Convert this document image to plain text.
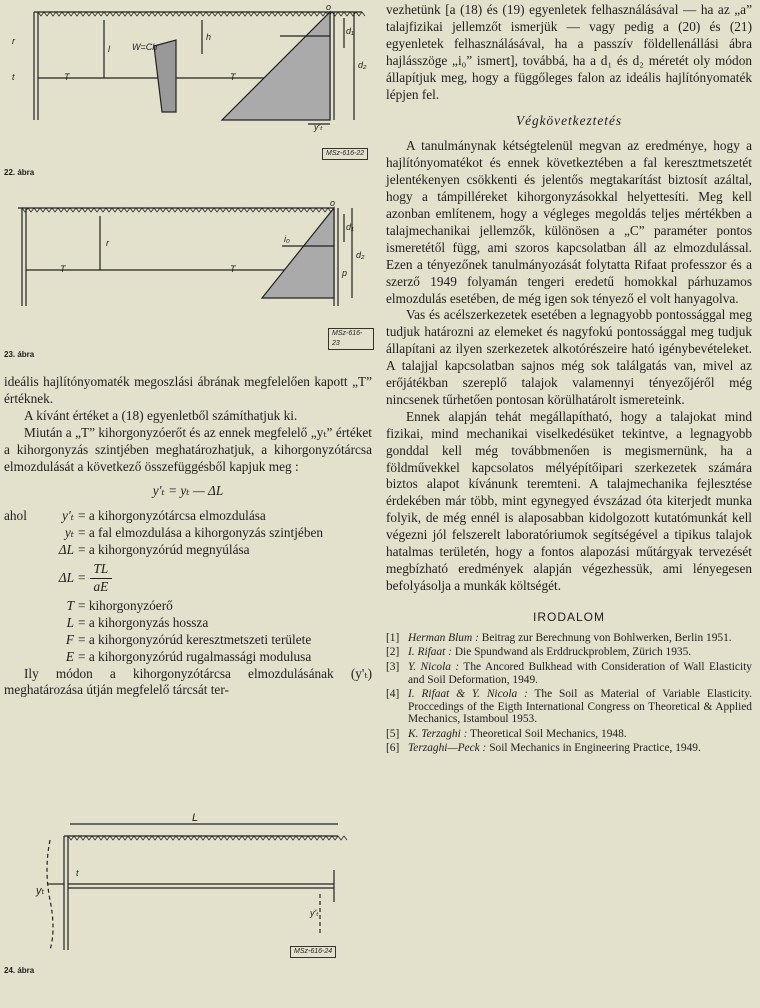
r
t	T
l W=Ch
h
T
o
d₁
d₂
y'ₜ
MSz-616-22
22. ábra
T
r
T
i₀
o
d₁
d₂
p
MSz-616-23
23. ábra

ideális hajlítónyomaték megoszlási ábrának megfelelően kapott „T” értéknek.

A kívánt értéket a (18) egyenletből számíthatjuk ki.

Miután a „T” kihorgonyzóerőt és az ennek megfelelő „yₜ” értéket a kihorgonyzás szintjében meghatározhatjuk, a kihorgonyzótárcsa elmozdulását a következő összefüggésből kapjuk meg :

y'ₜ = yₜ — ΔL

ahol	y'ₜ = a kihorgonyzótárcsa elmozdulása
yₜ = a fal elmozdulása a kihorgonyzás szintjében
ΔL = a kihorgonyzórúd megnyúlása
$\Delta L = \frac{TL}{aE}$
T = kihorgonyzóerő
L = a kihorgonyzás hossza
F = a kihorgonyzórúd keresztmetszeti területe
E = a kihorgonyzórúd rugalmassági modulusa

Ily módon a kihorgonyzótárcsa elmozdulásának (y'ₜ) meghatározása útján megfelelő tárcsát ter-

L
t
yₜ
y'ₜ
MSz-616-24
24. ábra

vezhetünk [a (18) és (19) egyenletek felhasználásával — ha az „a” talajfizikai jellemzőt ismerjük — vagy pedig a (20) és (21) egyenletek felhasználásával, ha a passzív földellenállási ábra hajlásszöge „i₀” ismert], továbbá, ha a d₁ és d₂ méretét oly módon állapítjuk meg, hogy a függőleges falon az ideális hajlítónyomaték lépjen fel.

Végkövetkeztetés

A tanulmánynak kétségtelenül megvan az eredménye, hogy a hajlítónyomatékot és ennek következtében a fal keresztmetszetét jelentékenyen csökkenti és jelentős megtakarítást biztosít azáltal, hogy a támpilléreket kihorgonyzásokkal helyettesíti. Meg kell azonban említenem, hogy a végleges megoldás teljes mértékben a talajmechanikai jellemzők, különösen a „C” paraméter pontos ismeretétől függ, ami szoros kapcsolatban áll az elmozdulással. Ezen a tényezőnek tanulmányozását folytatta Rifaat professzor és a szerző 1949 folyamán tengeri eredetű homokkal párhuzamos elmozdulás esetében, de még igen sok tényező el volt hanyagolva.

Vas és acélszerkezetek esetében a legnagyobb pontossággal meg tudjuk határozni az elemeket és nagyfokú pontossággal meg tudjuk állapítani az ilyen szerkezetek alkotórészeire ható igénybevételeket. A talajjal kapcsolatban sajnos még sok találgatás van, mivel az erőjátékban szereplő talajok valamennyi tényezőjéről még nincsenek tűrhetően pontosan körülhatárolt ismereteink.

Ennek alapján tehát megállapítható, hogy a talajokat mind fizikai, mind mechanikai viselkedésüket tekintve, a legnagyobb gonddal kell még továbbmenően is megismernünk, ha a földművekkel kapcsolatos mélyépítőipari szerkezetek számára biztos alapot kívánunk teremteni. A talajmechanika fejlesztése érdekében már több, mint egynegyed évszázad óta kiterjedt munka folyik, de még ennél is alaposabban kidolgozott kutatómunkát kell végezni jól felszerelt laboratóriumok segítségével a tipikus talajok hatalmas területén, hogy a fontos alapozási műtárgyak tervezését megbízható eredmények alapján végezhessük, ami lényegesen befolyásolja a munkák költségét.

IRODALOM

[1] Herman Blum : Beitrag zur Berechnung von Bohlwerken, Berlin 1951.
[2] I. Rifaat : Die Spundwand als Erddruckproblem, Zürich 1935.
[3] Y. Nicola : The Ancored Bulkhead with Consideration of Wall Elasticity and Soil Deformation, 1949.
[4] I. Rifaat & Y. Nicola : The Soil as Material of Variable Elasticity. Proccedings of the Eigth International Congress on Theoretical & Applied Mechanics, Istamboul 1953.
[5] K. Terzaghi : Theoretical Soil Mechanics, 1948.
[6] Terzaghi—Peck : Soil Mechanics in Engineering Practice, 1949.
